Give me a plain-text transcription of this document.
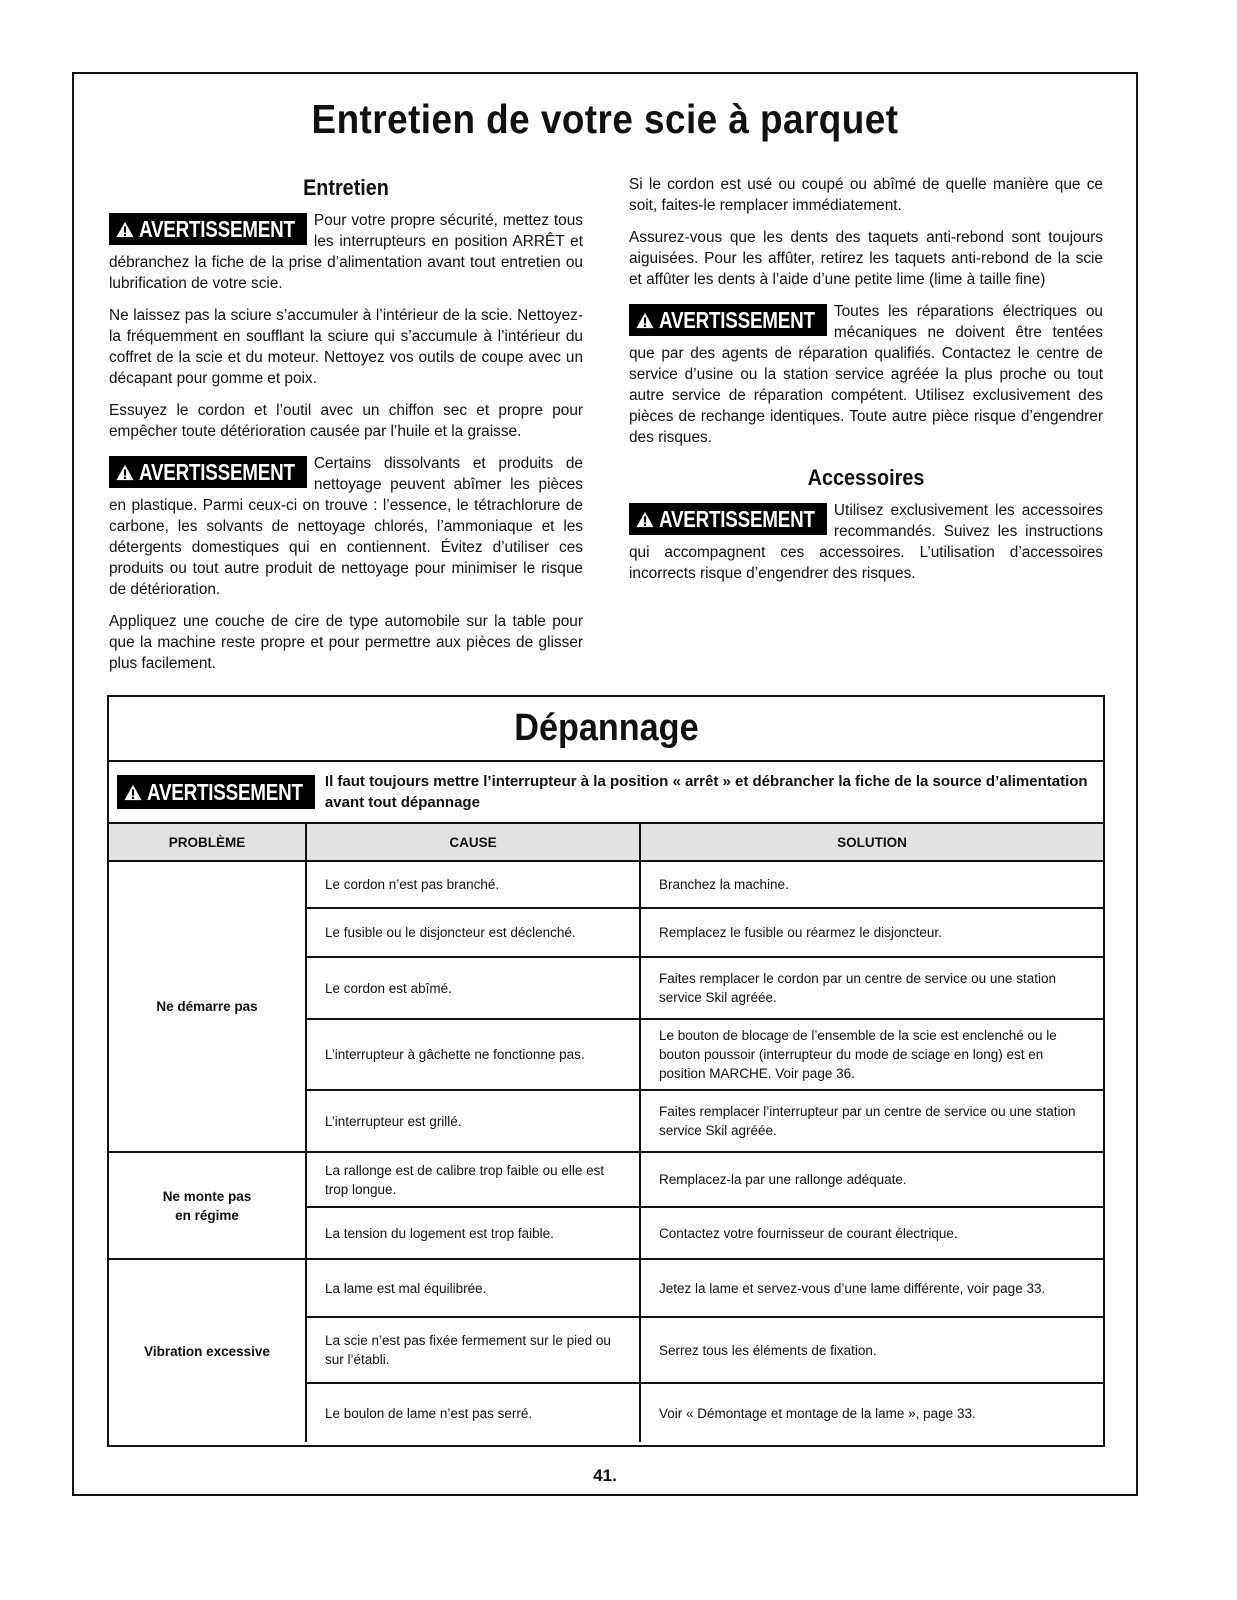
Entretien de votre scie à parquet
Entretien

AVERTISSEMENT Pour votre propre sécurité, mettez tous les interrupteurs en position ARRÊT et débranchez la fiche de la prise d’alimentation avant tout entretien ou lubrification de votre scie.

Ne laissez pas la sciure s’accumuler à l’intérieur de la scie. Nettoyez-la fréquemment en soufflant la sciure qui s’accumule à l’intérieur du coffret de la scie et du moteur. Nettoyez vos outils de coupe avec un décapant pour gomme et poix.

Essuyez le cordon et l’outil avec un chiffon sec et propre pour empêcher toute détérioration causée par l’huile et la graisse.

AVERTISSEMENT Certains dissolvants et produits de nettoyage peuvent abîmer les pièces en plastique. Parmi ceux-ci on trouve : l’essence, le tétrachlorure de carbone, les solvants de nettoyage chlorés, l’ammoniaque et les détergents domestiques qui en contiennent. Évitez d’utiliser ces produits ou tout autre produit de nettoyage pour minimiser le risque de détérioration.

Appliquez une couche de cire de type automobile sur la table pour que la machine reste propre et pour permettre aux pièces de glisser plus facilement.

Si le cordon est usé ou coupé ou abîmé de quelle manière que ce soit, faites-le remplacer immédiatement.

Assurez-vous que les dents des taquets anti-rebond sont toujours aiguisées. Pour les affûter, retirez les taquets anti-rebond de la scie et affûter les dents à l’aide d’une petite lime (lime à taille fine)

AVERTISSEMENT Toutes les réparations électriques ou mécaniques ne doivent être tentées que par des agents de réparation qualifiés. Contactez le centre de service d’usine ou la station service agréée la plus proche ou tout autre service de réparation compétent. Utilisez exclusivement des pièces de rechange identiques. Toute autre pièce risque d’engendrer des risques.

Accessoires

AVERTISSEMENT Utilisez exclusivement les accessoires recommandés. Suivez les instructions qui accompagnent ces accessoires. L’utilisation d’accessoires incorrects risque d’engendrer des risques.

Dépannage
AVERTISSEMENT Il faut toujours mettre l’interrupteur à la position « arrêt » et débrancher la fiche de la source d’alimentation avant tout dépannage
PROBLÈME	CAUSE	SOLUTION
Ne démarre pas	Le cordon n’est pas branché.	Branchez la machine.
	Le fusible ou le disjoncteur est déclenché.	Remplacez le fusible ou réarmez le disjoncteur.
	Le cordon est abîmé.	Faites remplacer le cordon par un centre de service ou une station service Skil agréée.
	L’interrupteur à gâchette ne fonctionne pas.	Le bouton de blocage de l’ensemble de la scie est enclenché ou le bouton poussoir (interrupteur du mode de sciage en long) est en position MARCHE. Voir page 36.
	L’interrupteur est grillé.	Faites remplacer l’interrupteur par un centre de service ou une station service Skil agréée.
Ne monte pas en régime	La rallonge est de calibre trop faible ou elle est trop longue.	Remplacez-la par une rallonge adéquate.
	La tension du logement est trop faible.	Contactez votre fournisseur de courant électrique.
Vibration excessive	La lame est mal équilibrée.	Jetez la lame et servez-vous d’une lame différente, voir page 33.
	La scie n’est pas fixée fermement sur le pied ou sur l’établi.	Serrez tous les éléments de fixation.
	Le boulon de lame n’est pas serré.	Voir « Démontage et montage de la lame », page 33.
41.
